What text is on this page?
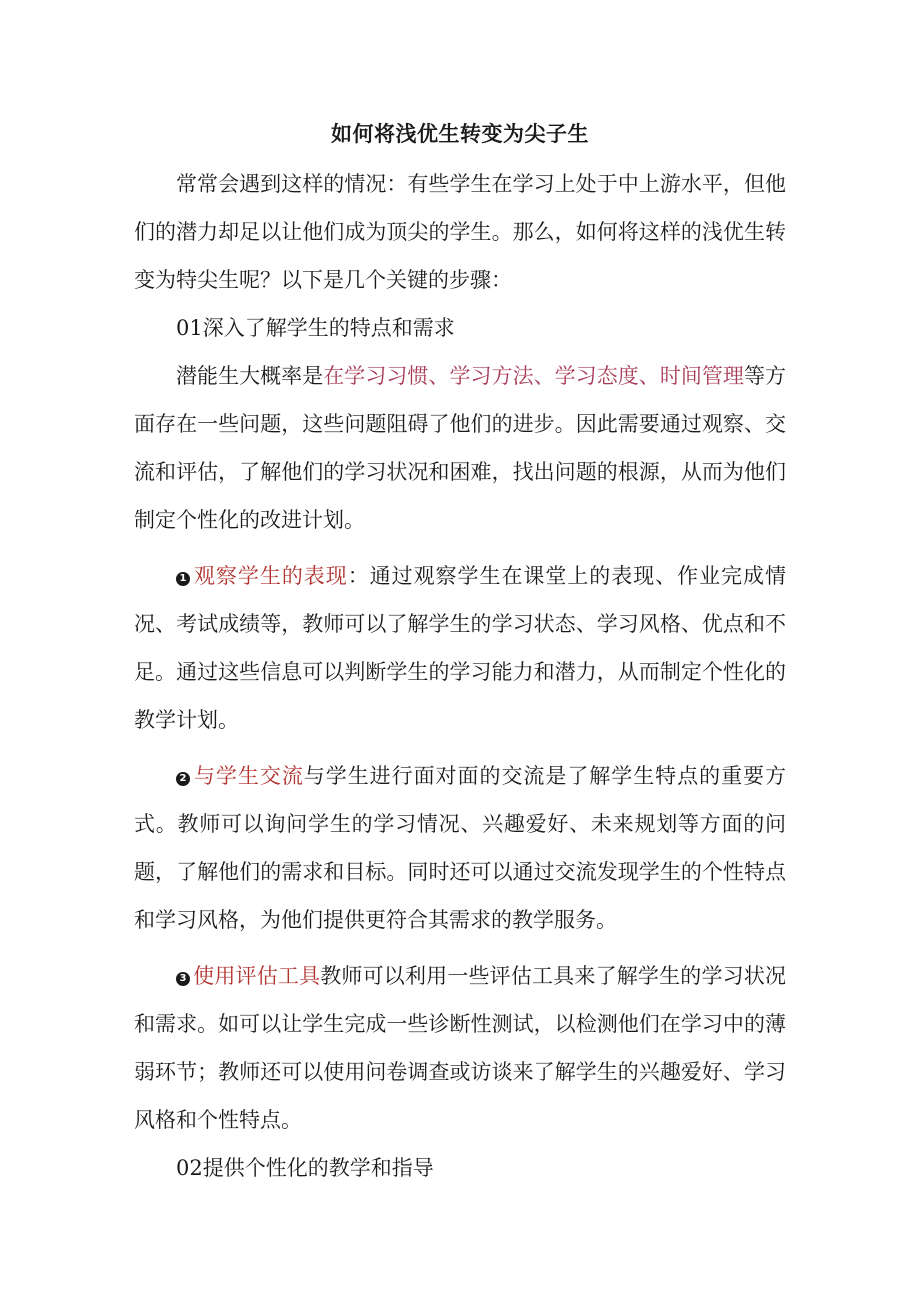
如何将浅优生转变为尖子生

常常会遇到这样的情况：有些学生在学习上处于中上游水平，但他们的潜力却足以让他们成为顶尖的学生。那么，如何将这样的浅优生转变为特尖生呢？以下是几个关键的步骤：

01深入了解学生的特点和需求

潜能生大概率是在学习习惯、学习方法、学习态度、时间管理等方面存在一些问题，这些问题阻碍了他们的进步。因此需要通过观察、交流和评估，了解他们的学习状况和困难，找出问题的根源，从而为他们制定个性化的改进计划。

1 观察学生的表现：通过观察学生在课堂上的表现、作业完成情况、考试成绩等，教师可以了解学生的学习状态、学习风格、优点和不足。通过这些信息可以判断学生的学习能力和潜力，从而制定个性化的教学计划。

2 与学生交流与学生进行面对面的交流是了解学生特点的重要方式。教师可以询问学生的学习情况、兴趣爱好、未来规划等方面的问题，了解他们的需求和目标。同时还可以通过交流发现学生的个性特点和学习风格，为他们提供更符合其需求的教学服务。

3 使用评估工具教师可以利用一些评估工具来了解学生的学习状况和需求。如可以让学生完成一些诊断性测试，以检测他们在学习中的薄弱环节；教师还可以使用问卷调查或访谈来了解学生的兴趣爱好、学习风格和个性特点。

02提供个性化的教学和指导
